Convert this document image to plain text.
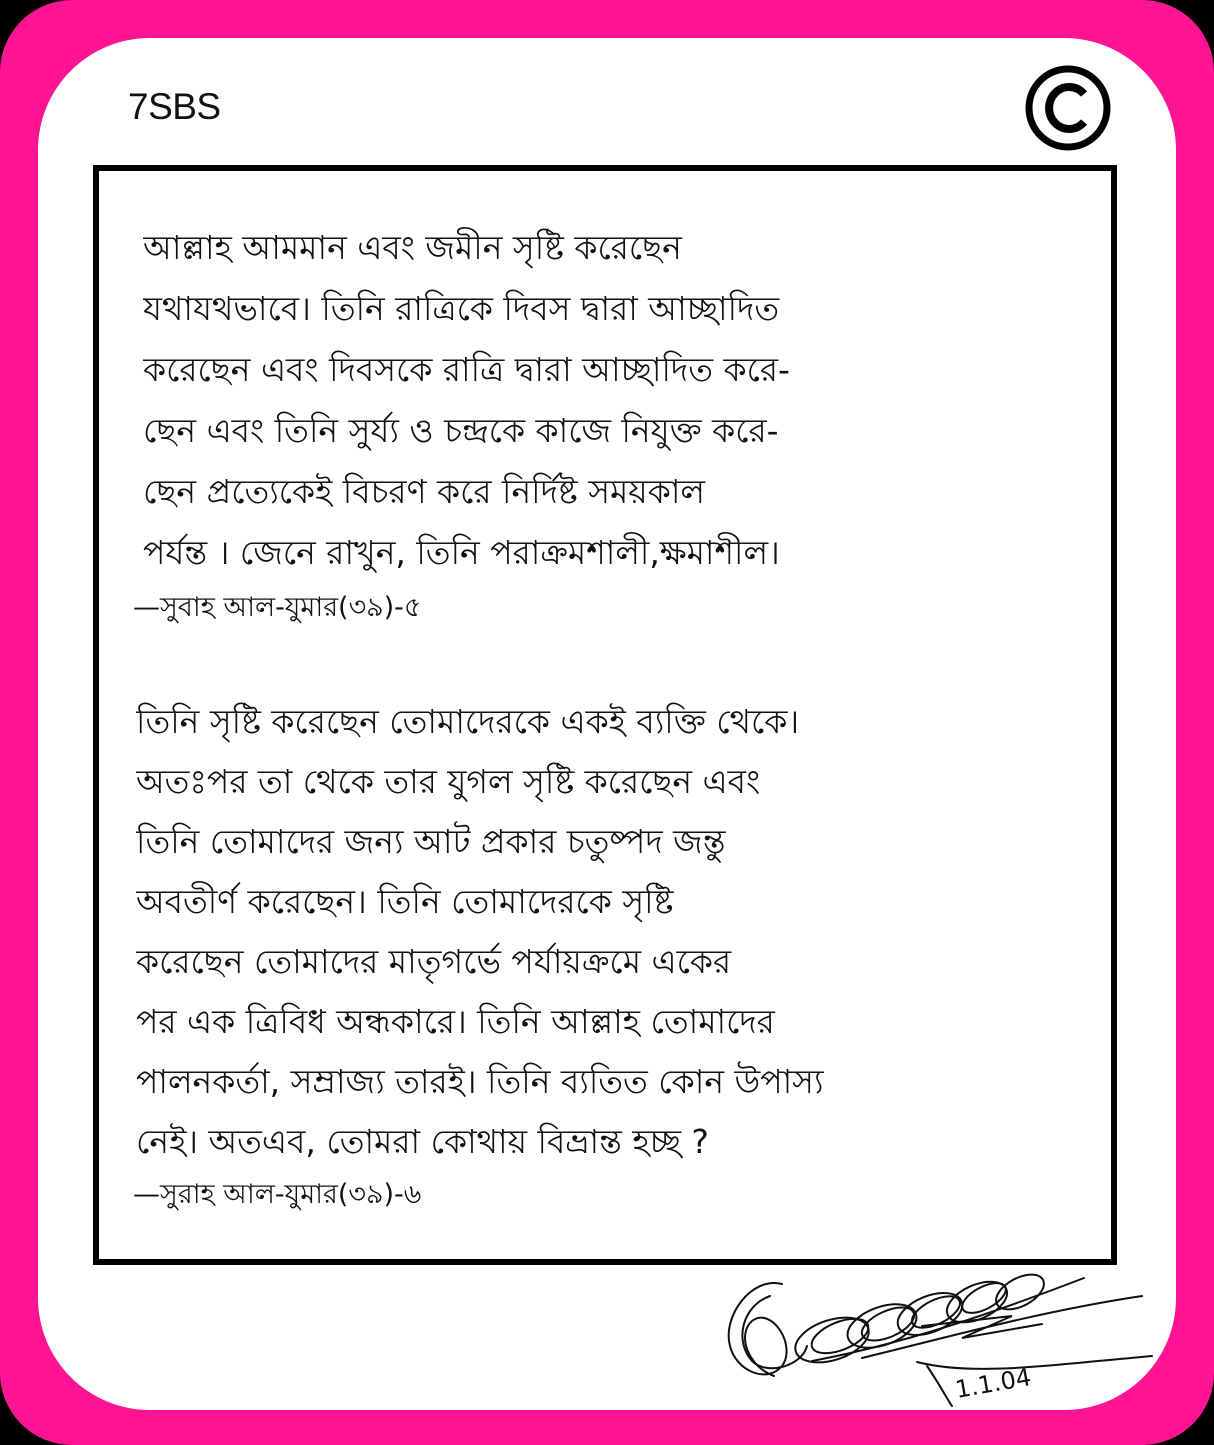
7SBS
আল্লাহ আমমান এবং জমীন সৃষ্টি করেছেন
যথাযথভাবে। তিনি রাত্রিকে দিবস দ্বারা আচ্ছাদিত
করেছেন এবং দিবসকে রাত্রি দ্বারা আচ্ছাদিত করে-
ছেন এবং তিনি সুর্য্য ও চন্দ্রকে কাজে নিযুক্ত করে-
ছেন প্রত্যেকেই বিচরণ করে নির্দিষ্ট সময়কাল
পর্যন্ত । জেনে রাখুন, তিনি পরাক্রমশালী,ক্ষমাশীল।
—সুবাহ আল-যুমার(৩৯)-৫
তিনি সৃষ্টি করেছেন তোমাদেরকে একই ব্যক্তি থেকে।
অতঃপর তা থেকে তার যুগল সৃষ্টি করেছেন এবং
তিনি তোমাদের জন্য আট প্রকার চতুষ্পদ জন্তু
অবতীর্ণ করেছেন। তিনি তোমাদেরকে সৃষ্টি
করেছেন তোমাদের মাতৃগর্ভে পর্যায়ক্রমে একের
পর এক ত্রিবিধ অন্ধকারে। তিনি আল্লাহ তোমাদের
পালনকর্তা, সম্রাজ্য তারই। তিনি ব্যতিত কোন উপাস্য
নেই। অতএব, তোমরা কোথায় বিভ্রান্ত হচ্ছ ?
—সুরাহ আল-যুমার(৩৯)-৬
1.1.04
